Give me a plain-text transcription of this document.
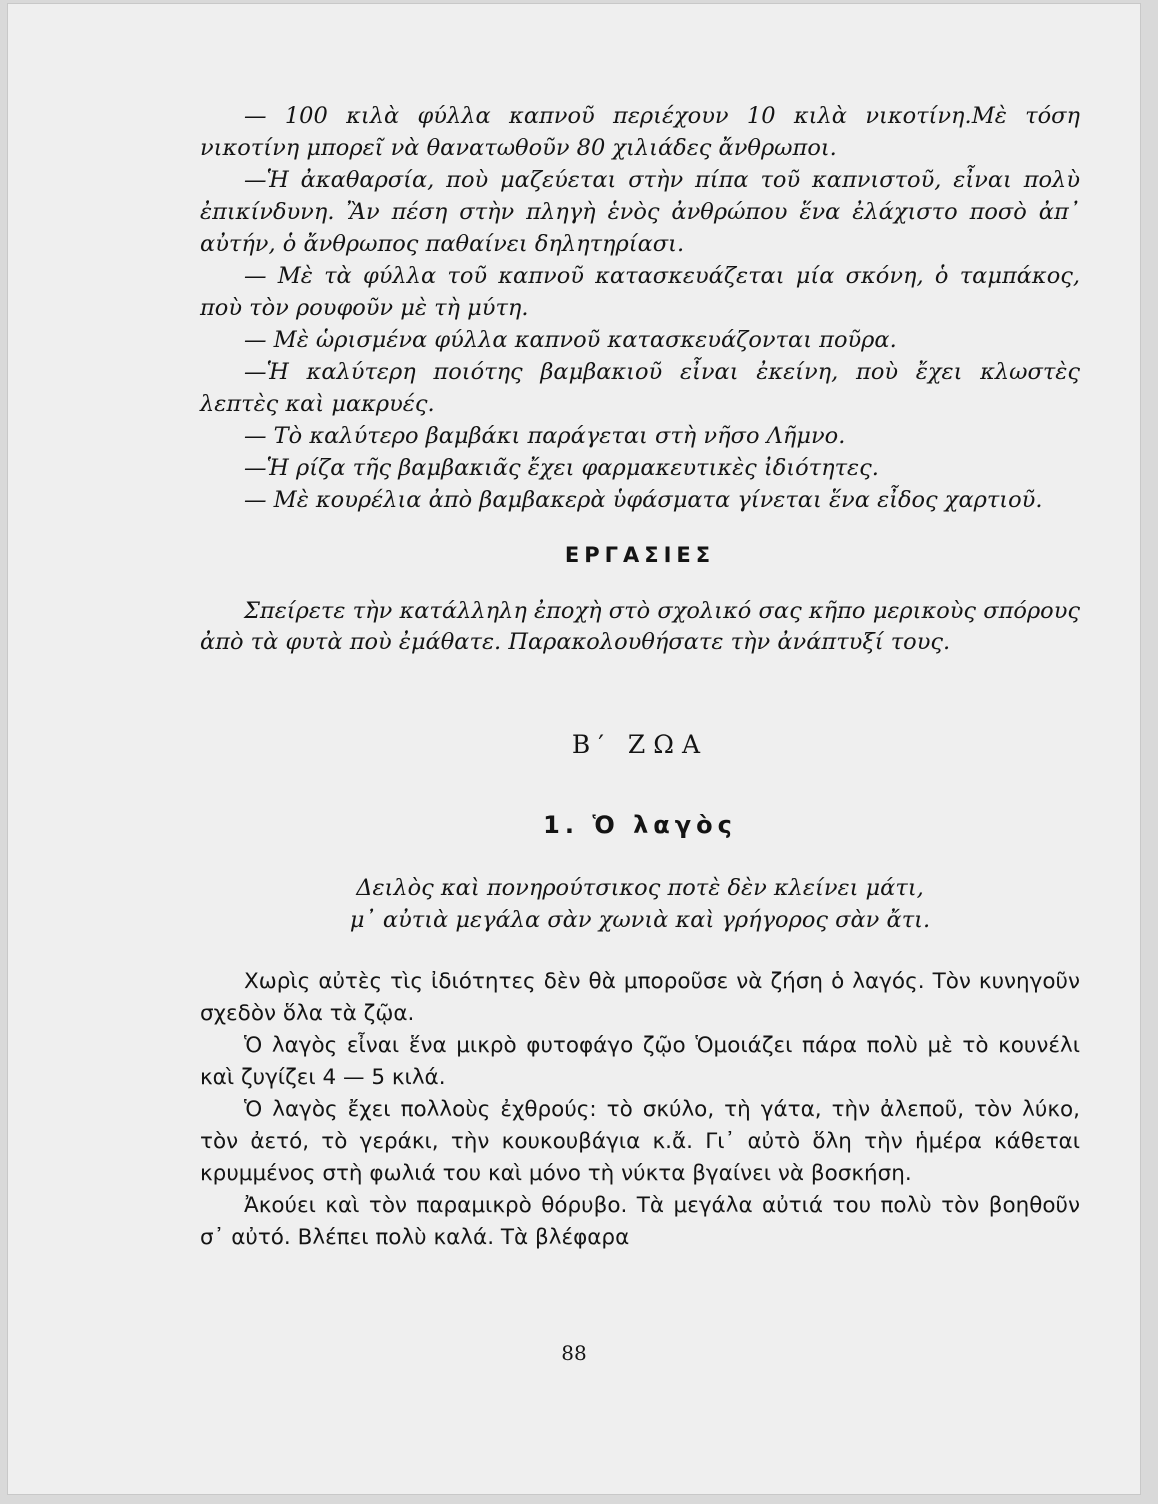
— 100 κιλὰ φύλλα καπνοῦ περιέχουν 10 κιλὰ νικοτίνη.Μὲ τόση νικοτίνη μπορεῖ νὰ θανατωθοῦν 80 χιλιάδες ἄνθρωποι.

—Ἡ ἀκαθαρσία, ποὺ μαζεύεται στὴν πίπα τοῦ καπνιστοῦ, εἶναι πολὺ ἐπικίνδυνη. Ἂν πέση στὴν πληγὴ ἑνὸς ἀνθρώπου ἕνα ἐλάχιστο ποσὸ ἀπ᾽ αὐτήν, ὁ ἄνθρωπος παθαίνει δηλητηρίασι.

— Μὲ τὰ φύλλα τοῦ καπνοῦ κατασκευάζεται μία σκόνη, ὁ ταμπάκος, ποὺ τὸν ρουφοῦν μὲ τὴ μύτη.

— Μὲ ὡρισμένα φύλλα καπνοῦ κατασκευάζονται ποῦρα.

—Ἡ καλύτερη ποιότης βαμβακιοῦ εἶναι ἐκείνη, ποὺ ἔχει κλωστὲς λεπτὲς καὶ μακρυές.

— Τὸ καλύτερο βαμβάκι παράγεται στὴ νῆσο Λῆμνο.

—Ἡ ρίζα τῆς βαμβακιᾶς ἔχει φαρμακευτικὲς ἰδιότητες.

— Μὲ κουρέλια ἀπὸ βαμβακερὰ ὑφάσματα γίνεται ἕνα εἶδος χαρτιοῦ.

ΕΡΓΑΣΙΕΣ

Σπείρετε τὴν κατάλληλη ἐποχὴ στὸ σχολικό σας κῆπο μερικοὺς σπόρους ἀπὸ τὰ φυτὰ ποὺ ἐμάθατε. Παρακολουθήσατε τὴν ἀνάπτυξί τους.

Β′ ΖΩΑ
1. Ὁ λαγὸς
Δειλὸς καὶ πονηρούτσικος ποτὲ δὲν κλείνει μάτι,
μ᾽ αὐτιὰ μεγάλα σὰν χωνιὰ καὶ γρήγορος σὰν ἄτι.

Χωρὶς αὐτὲς τὶς ἰδιότητες δὲν θὰ μποροῦσε νὰ ζήση ὁ λαγός. Τὸν κυνηγοῦν σχεδὸν ὅλα τὰ ζῷα.

Ὁ λαγὸς εἶναι ἕνα μικρὸ φυτοφάγο ζῷο Ὁμοιάζει πάρα πολὺ μὲ τὸ κουνέλι καὶ ζυγίζει 4 — 5 κιλά.

Ὁ λαγὸς ἔχει πολλοὺς ἐχθρούς: τὸ σκύλο, τὴ γάτα, τὴν ἀλεποῦ, τὸν λύκο, τὸν ἀετό, τὸ γεράκι, τὴν κουκουβάγια κ.ἄ. Γι᾽ αὐτὸ ὅλη τὴν ἡμέρα κάθεται κρυμμένος στὴ φωλιά του καὶ μόνο τὴ νύκτα βγαίνει νὰ βοσκήση.

Ἀκούει καὶ τὸν παραμικρὸ θόρυβο. Τὰ μεγάλα αὐτιά του πολὺ τὸν βοηθοῦν σ᾽ αὐτό. Βλέπει πολὺ καλά. Τὰ βλέφαρα

88
